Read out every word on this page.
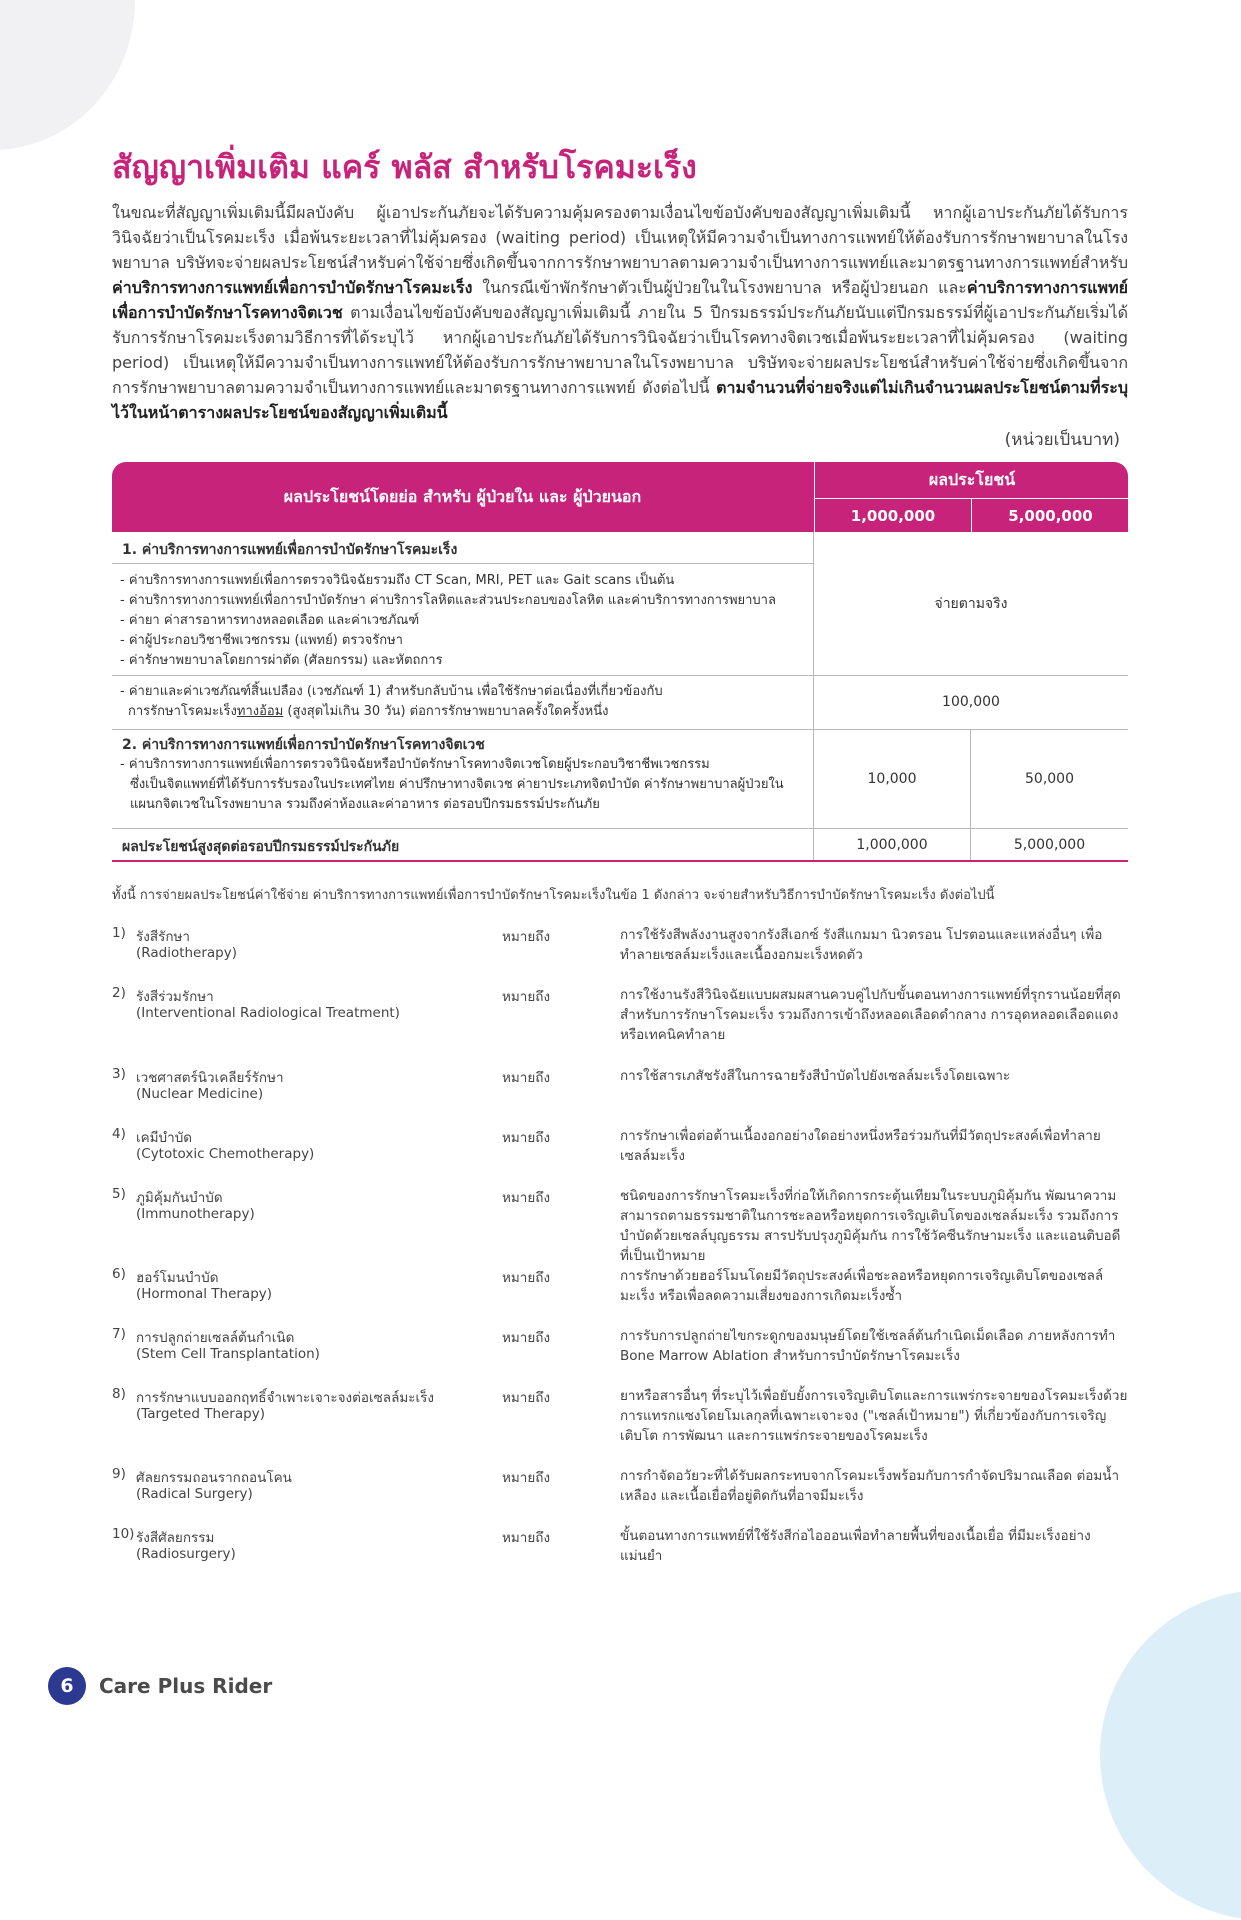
สัญญาเพิ่มเติม แคร์ พลัส สำหรับโรคมะเร็ง
ในขณะที่สัญญาเพิ่มเติมนี้มีผลบังคับ ผู้เอาประกันภัยจะได้รับความคุ้มครองตามเงื่อนไขข้อบังคับของสัญญาเพิ่มเติมนี้ หากผู้เอาประกันภัยได้รับการวินิจฉัยว่าเป็นโรคมะเร็ง เมื่อพ้นระยะเวลาที่ไม่คุ้มครอง (waiting period) เป็นเหตุให้มีความจำเป็นทางการแพทย์ให้ต้องรับการรักษาพยาบาลในโรงพยาบาล บริษัทจะจ่ายผลประโยชน์สำหรับค่าใช้จ่ายซึ่งเกิดขึ้นจากการรักษาพยาบาลตามความจำเป็นทางการแพทย์และมาตรฐานทางการแพทย์สำหรับ ค่าบริการทางการแพทย์เพื่อการบำบัดรักษาโรคมะเร็ง ในกรณีเข้าพักรักษาตัวเป็นผู้ป่วยในในโรงพยาบาล หรือผู้ป่วยนอก และค่าบริการทางการแพทย์เพื่อการบำบัดรักษาโรคทางจิตเวช ตามเงื่อนไขข้อบังคับของสัญญาเพิ่มเติมนี้ ภายใน 5 ปีกรมธรรม์ประกันภัยนับแต่ปีกรมธรรม์ที่ผู้เอาประกันภัยเริ่มได้รับการรักษาโรคมะเร็งตามวิธีการที่ได้ระบุไว้ หากผู้เอาประกันภัยได้รับการวินิจฉัยว่าเป็นโรคทางจิตเวชเมื่อพ้นระยะเวลาที่ไม่คุ้มครอง (waiting period) เป็นเหตุให้มีความจำเป็นทางการแพทย์ให้ต้องรับการรักษาพยาบาลในโรงพยาบาล บริษัทจะจ่ายผลประโยชน์สำหรับค่าใช้จ่ายซึ่งเกิดขึ้นจากการรักษาพยาบาลตามความจำเป็นทางการแพทย์และมาตรฐานทางการแพทย์ ดังต่อไปนี้ ตามจำนวนที่จ่ายจริงแต่ไม่เกินจำนวนผลประโยชน์ตามที่ระบุไว้ในหน้าตารางผลประโยชน์ของสัญญาเพิ่มเติมนี้
(หน่วยเป็นบาท)
ผลประโยชน์โดยย่อ สำหรับ ผู้ป่วยใน และ ผู้ป่วยนอก
ผลประโยชน์
1,000,000	5,000,000
1. ค่าบริการทางการแพทย์เพื่อการบำบัดรักษาโรคมะเร็ง
- ค่าบริการทางการแพทย์เพื่อการตรวจวินิจฉัยรวมถึง CT Scan, MRI, PET และ Gait scans เป็นต้น
- ค่าบริการทางการแพทย์เพื่อการบำบัดรักษา ค่าบริการโลหิตและส่วนประกอบของโลหิต และค่าบริการทางการพยาบาล
- ค่ายา ค่าสารอาหารทางหลอดเลือด และค่าเวชภัณฑ์
- ค่าผู้ประกอบวิชาชีพเวชกรรม (แพทย์) ตรวจรักษา
- ค่ารักษาพยาบาลโดยการผ่าตัด (ศัลยกรรม) และหัตถการ
จ่ายตามจริง
- ค่ายาและค่าเวชภัณฑ์สิ้นเปลือง (เวชภัณฑ์ 1) สำหรับกลับบ้าน เพื่อใช้รักษาต่อเนื่องที่เกี่ยวข้องกับ
การรักษาโรคมะเร็งทางอ้อม (สูงสุดไม่เกิน 30 วัน) ต่อการรักษาพยาบาลครั้งใดครั้งหนึ่ง
100,000
2. ค่าบริการทางการแพทย์เพื่อการบำบัดรักษาโรคทางจิตเวช
- ค่าบริการทางการแพทย์เพื่อการตรวจวินิจฉัยหรือบำบัดรักษาโรคทางจิตเวชโดยผู้ประกอบวิชาชีพเวชกรรม
ซึ่งเป็นจิตแพทย์ที่ได้รับการรับรองในประเทศไทย ค่าปรึกษาทางจิตเวช ค่ายาประเภทจิตบำบัด ค่ารักษาพยาบาลผู้ป่วยใน
แผนกจิตเวชในโรงพยาบาล รวมถึงค่าห้องและค่าอาหาร ต่อรอบปีกรมธรรม์ประกันภัย
10,000	50,000
ผลประโยชน์สูงสุดต่อรอบปีกรมธรรม์ประกันภัย	1,000,000	5,000,000
ทั้งนี้ การจ่ายผลประโยชน์ค่าใช้จ่าย ค่าบริการทางการแพทย์เพื่อการบำบัดรักษาโรคมะเร็งในข้อ 1 ดังกล่าว จะจ่ายสำหรับวิธีการบำบัดรักษาโรคมะเร็ง ดังต่อไปนี้
1) รังสีรักษา
(Radiotherapy)
หมายถึง	การใช้รังสีพลังงานสูงจากรังสีเอกซ์ รังสีแกมมา นิวตรอน โปรตอนและแหล่งอื่นๆ เพื่อทำลายเซลล์มะเร็งและเนื้องอกมะเร็งหดตัว
2) รังสีร่วมรักษา
(Interventional Radiological Treatment)
หมายถึง	การใช้งานรังสีวินิจฉัยแบบผสมผสานควบคู่ไปกับขั้นตอนทางการแพทย์ที่รุกรานน้อยที่สุด สำหรับการรักษาโรคมะเร็ง รวมถึงการเข้าถึงหลอดเลือดดำกลาง การอุดหลอดเลือดแดง หรือเทคนิคทำลาย
3) เวชศาสตร์นิวเคลียร์รักษา
(Nuclear Medicine)
หมายถึง	การใช้สารเภสัชรังสีในการฉายรังสีบำบัดไปยังเซลล์มะเร็งโดยเฉพาะ
4) เคมีบำบัด
(Cytotoxic Chemotherapy)
หมายถึง	การรักษาเพื่อต่อต้านเนื้องอกอย่างใดอย่างหนึ่งหรือร่วมกันที่มีวัตถุประสงค์เพื่อทำลายเซลล์มะเร็ง
5) ภูมิคุ้มกันบำบัด
(Immunotherapy)
หมายถึง	ชนิดของการรักษาโรคมะเร็งที่ก่อให้เกิดการกระตุ้นเทียมในระบบภูมิคุ้มกัน พัฒนาความสามารถตามธรรมชาติในการชะลอหรือหยุดการเจริญเติบโตของเซลล์มะเร็ง รวมถึงการบำบัดด้วยเซลล์บุญธรรม สารปรับปรุงภูมิคุ้มกัน การใช้วัคซีนรักษามะเร็ง และแอนติบอดีที่เป็นเป้าหมาย
6) ฮอร์โมนบำบัด
(Hormonal Therapy)
หมายถึง	การรักษาด้วยฮอร์โมนโดยมีวัตถุประสงค์เพื่อชะลอหรือหยุดการเจริญเติบโตของเซลล์มะเร็ง หรือเพื่อลดความเสี่ยงของการเกิดมะเร็งซ้ำ
7) การปลูกถ่ายเซลล์ต้นกำเนิด
(Stem Cell Transplantation)
หมายถึง	การรับการปลูกถ่ายไขกระดูกของมนุษย์โดยใช้เซลล์ต้นกำเนิดเม็ดเลือด ภายหลังการทำ Bone Marrow Ablation สำหรับการบำบัดรักษาโรคมะเร็ง
8) การรักษาแบบออกฤทธิ์จำเพาะเจาะจงต่อเซลล์มะเร็ง
(Targeted Therapy)
หมายถึง	ยาหรือสารอื่นๆ ที่ระบุไว้เพื่อยับยั้งการเจริญเติบโตและการแพร่กระจายของโรคมะเร็งด้วยการแทรกแซงโดยโมเลกุลที่เฉพาะเจาะจง ("เซลล์เป้าหมาย") ที่เกี่ยวข้องกับการเจริญเติบโต การพัฒนา และการแพร่กระจายของโรคมะเร็ง
9) ศัลยกรรมถอนรากถอนโคน
(Radical Surgery)
หมายถึง	การกำจัดอวัยวะที่ได้รับผลกระทบจากโรคมะเร็งพร้อมกับการกำจัดปริมาณเลือด ต่อมน้ำเหลือง และเนื้อเยื่อที่อยู่ติดกันที่อาจมีมะเร็ง
10) รังสีศัลยกรรม
(Radiosurgery)
หมายถึง	ขั้นตอนทางการแพทย์ที่ใช้รังสีก่อไอออนเพื่อทำลายพื้นที่ของเนื้อเยื่อ ที่มีมะเร็งอย่างแม่นยำ
6	Care Plus Rider
